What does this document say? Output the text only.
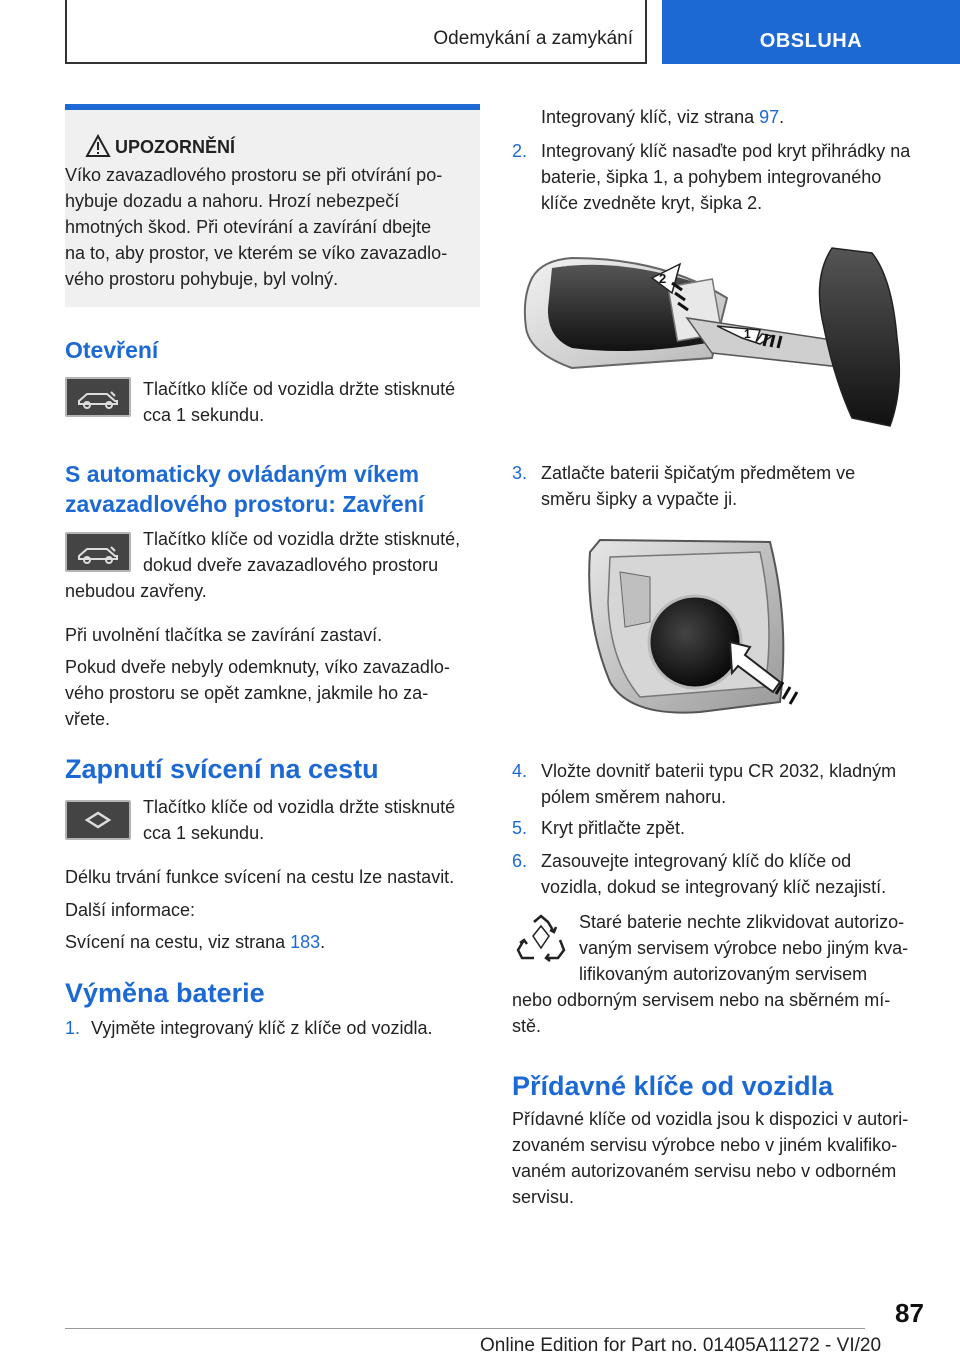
Odemykání a zamykání	OBSLUHA
UPOZORNĚNÍ
Víko zavazadlového prostoru se při otvírání po-
hybuje dozadu a nahoru. Hrozí nebezpečí
hmotných škod. Při otevírání a zavírání dbejte
na to, aby prostor, ve kterém se víko zavazadlo-
vého prostoru pohybuje, byl volný.
Otevření
Tlačítko klíče od vozidla držte stisknuté
cca 1 sekundu.
S automaticky ovládaným víkem
zavazadlového prostoru: Zavření
Tlačítko klíče od vozidla držte stisknuté,
dokud dveře zavazadlového prostoru
nebudou zavřeny.
Při uvolnění tlačítka se zavírání zastaví.
Pokud dveře nebyly odemknuty, víko zavazadlo-
vého prostoru se opět zamkne, jakmile ho za-
vřete.
Zapnutí svícení na cestu
Tlačítko klíče od vozidla držte stisknuté
cca 1 sekundu.
Délku trvání funkce svícení na cestu lze nastavit.
Další informace:
Svícení na cestu, viz strana 183.
Výměna baterie
1. Vyjměte integrovaný klíč z klíče od vozidla.
Integrovaný klíč, viz strana 97.
2. Integrovaný klíč nasaďte pod kryt přihrádky na
baterie, šipka 1, a pohybem integrovaného
klíče zvedněte kryt, šipka 2.
2
1
3. Zatlačte baterii špičatým předmětem ve
směru šipky a vypačte ji.
4. Vložte dovnitř baterii typu CR 2032, kladným
pólem směrem nahoru.
5. Kryt přitlačte zpět.
6. Zasouvejte integrovaný klíč do klíče od
vozidla, dokud se integrovaný klíč nezajistí.
Staré baterie nechte zlikvidovat autorizo-
vaným servisem výrobce nebo jiným kva-
lifikovaným autorizovaným servisem
nebo odborným servisem nebo na sběrném mí-
stě.
Přídavné klíče od vozidla
Přídavné klíče od vozidla jsou k dispozici v autori-
zovaném servisu výrobce nebo v jiném kvalifiko-
vaném autorizovaném servisu nebo v odborném
servisu.
87
Online Edition for Part no. 01405A11272 - VI/20
